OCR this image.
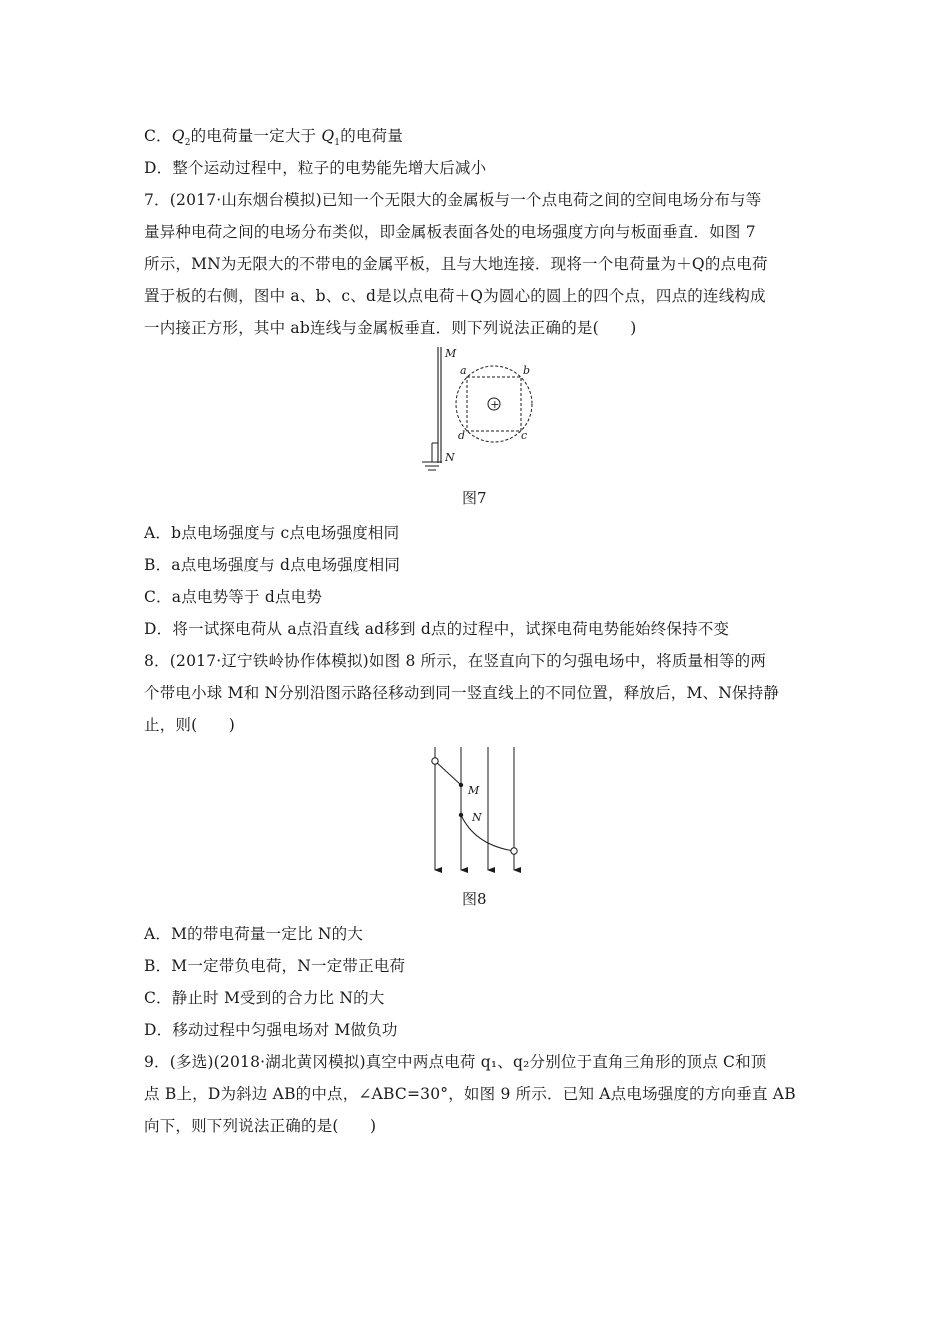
C．$Q_2$的电荷量一定大于 $Q_1$的电荷量
D．整个运动过程中，粒子的电势能先增大后减小
7．(2017·山东烟台模拟)已知一个无限大的金属板与一个点电荷之间的空间电场分布与等
量异种电荷之间的电场分布类似，即金属板表面各处的电场强度方向与板面垂直．如图 7
所示，MN为无限大的不带电的金属平板，且与大地连接．现将一个电荷量为＋Q的点电荷
置于板的右侧，图中 a、b、c、d是以点电荷＋Q为圆心的圆上的四个点，四点的连线构成
一内接正方形，其中 ab连线与金属板垂直．则下列说法正确的是(　　)
M
N
+
a	b
c
d
图7
A．b点电场强度与 c点电场强度相同
B．a点电场强度与 d点电场强度相同
C．a点电势等于 d点电势
D．将一试探电荷从 a点沿直线 ad移到 d点的过程中，试探电荷电势能始终保持不变
8．(2017·辽宁铁岭协作体模拟)如图 8 所示，在竖直向下的匀强电场中，将质量相等的两
个带电小球 M和 N分别沿图示路径移动到同一竖直线上的不同位置，释放后，M、N保持静
止，则(　　)
M
N
图8
A．M的带电荷量一定比 N的大
B．M一定带负电荷，N一定带正电荷
C．静止时 M受到的合力比 N的大
D．移动过程中匀强电场对 M做负功
9．(多选)(2018·湖北黄冈模拟)真空中两点电荷 q₁、q₂分别位于直角三角形的顶点 C和顶
点 B上，D为斜边 AB的中点，∠ABC=30°，如图 9 所示．已知 A点电场强度的方向垂直 AB
向下，则下列说法正确的是(　　)
